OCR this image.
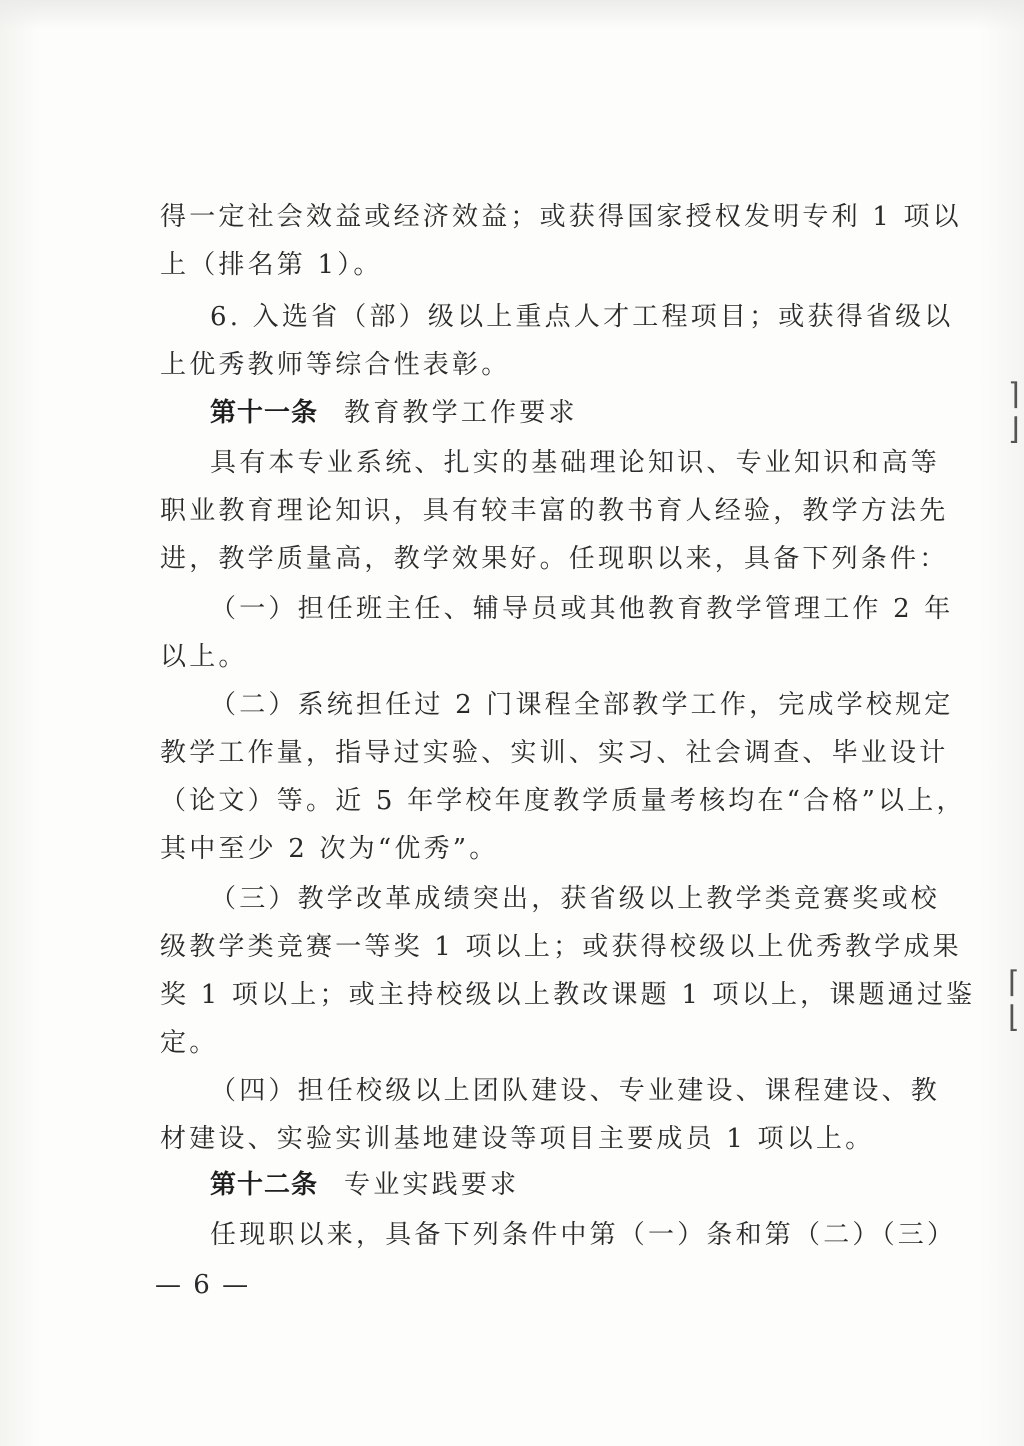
得一定社会效益或经济效益；或获得国家授权发明专利 1 项以
上（排名第 1）。
6. 入选省（部）级以上重点人才工程项目；或获得省级以
上优秀教师等综合性表彰。
第十一条 教育教学工作要求
具有本专业系统、扎实的基础理论知识、专业知识和高等
职业教育理论知识，具有较丰富的教书育人经验，教学方法先
进，教学质量高，教学效果好。任现职以来，具备下列条件：
（一）担任班主任、辅导员或其他教育教学管理工作 2 年
以上。
（二）系统担任过 2 门课程全部教学工作，完成学校规定
教学工作量，指导过实验、实训、实习、社会调查、毕业设计
（论文）等。近 5 年学校年度教学质量考核均在“合格”以上，
其中至少 2 次为“优秀”。
（三）教学改革成绩突出，获省级以上教学类竞赛奖或校
级教学类竞赛一等奖 1 项以上；或获得校级以上优秀教学成果
奖 1 项以上；或主持校级以上教改课题 1 项以上，课题通过鉴
定。
（四）担任校级以上团队建设、专业建设、课程建设、教
材建设、实验实训基地建设等项目主要成员 1 项以上。
第十二条 专业实践要求
任现职以来，具备下列条件中第（一）条和第（二）（三）
— 6 —
⌉
⌋
⌈
⌊
